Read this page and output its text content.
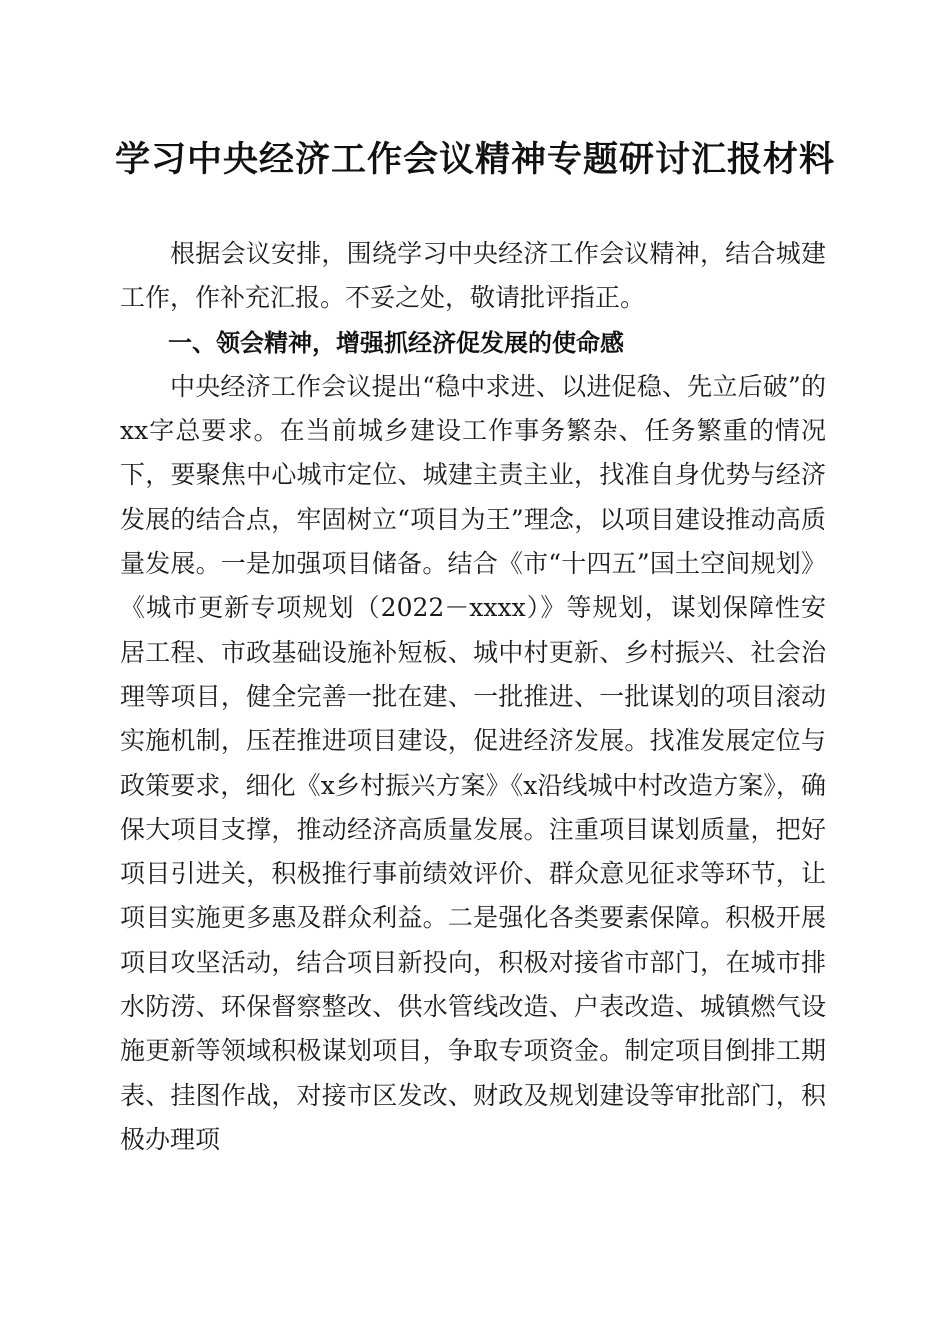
学习中央经济工作会议精神专题研讨汇报材料

根据会议安排，围绕学习中央经济工作会议精神，结合城建工作，作补充汇报。不妥之处，敬请批评指正。

一、领会精神，增强抓经济促发展的使命感

中央经济工作会议提出“稳中求进、以进促稳、先立后破”的xx字总要求。在当前城乡建设工作事务繁杂、任务繁重的情况下，要聚焦中心城市定位、城建主责主业，找准自身优势与经济发展的结合点，牢固树立“项目为王”理念，以项目建设推动高质量发展。一是加强项目储备。结合《市“十四五”国土空间规划》《城市更新专项规划（2022－xxxx）》等规划，谋划保障性安居工程、市政基础设施补短板、城中村更新、乡村振兴、社会治理等项目，健全完善一批在建、一批推进、一批谋划的项目滚动实施机制，压茬推进项目建设，促进经济发展。找准发展定位与政策要求，细化《x乡村振兴方案》《x沿线城中村改造方案》，确保大项目支撑，推动经济高质量发展。注重项目谋划质量，把好项目引进关，积极推行事前绩效评价、群众意见征求等环节，让项目实施更多惠及群众利益。二是强化各类要素保障。积极开展项目攻坚活动，结合项目新投向，积极对接省市部门，在城市排水防涝、环保督察整改、供水管线改造、户表改造、城镇燃气设施更新等领域积极谋划项目，争取专项资金。制定项目倒排工期表、挂图作战，对接市区发改、财政及规划建设等审批部门，积极办理项
